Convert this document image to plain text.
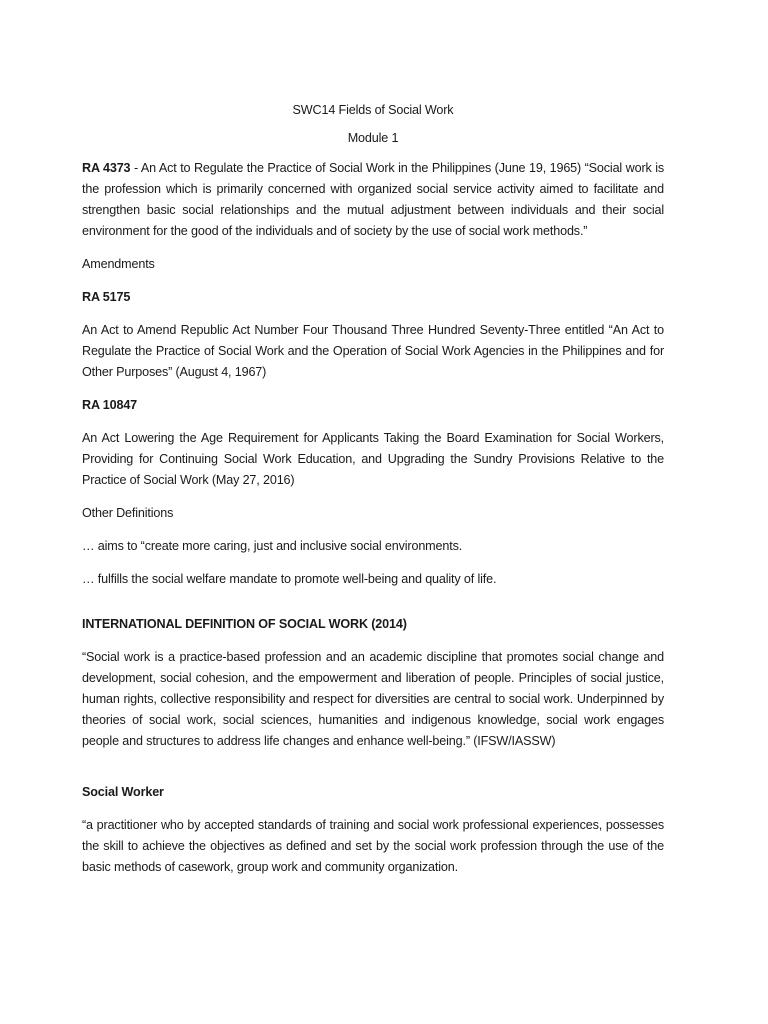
SWC14 Fields of Social Work

Module 1

RA 4373 - An Act to Regulate the Practice of Social Work in the Philippines (June 19, 1965) “Social work is the profession which is primarily concerned with organized social service activity aimed to facilitate and strengthen basic social relationships and the mutual adjustment between individuals and their social environment for the good of the individuals and of society by the use of social work methods.”

Amendments

RA 5175

An Act to Amend Republic Act Number Four Thousand Three Hundred Seventy-Three entitled “An Act to Regulate the Practice of Social Work and the Operation of Social Work Agencies in the Philippines and for Other Purposes” (August 4, 1967)

RA 10847

An Act Lowering the Age Requirement for Applicants Taking the Board Examination for Social Workers, Providing for Continuing Social Work Education, and Upgrading the Sundry Provisions Relative to the Practice of Social Work (May 27, 2016)

Other Definitions

… aims to “create more caring, just and inclusive social environments.

… fulfills the social welfare mandate to promote well-being and quality of life.

INTERNATIONAL DEFINITION OF SOCIAL WORK (2014)

“Social work is a practice-based profession and an academic discipline that promotes social change and development, social cohesion, and the empowerment and liberation of people. Principles of social justice, human rights, collective responsibility and respect for diversities are central to social work. Underpinned by theories of social work, social sciences, humanities and indigenous knowledge, social work engages people and structures to address life changes and enhance well-being.” (IFSW/IASSW)

Social Worker

“a practitioner who by accepted standards of training and social work professional experiences, possesses the skill to achieve the objectives as defined and set by the social work profession through the use of the basic methods of casework, group work and community organization.
